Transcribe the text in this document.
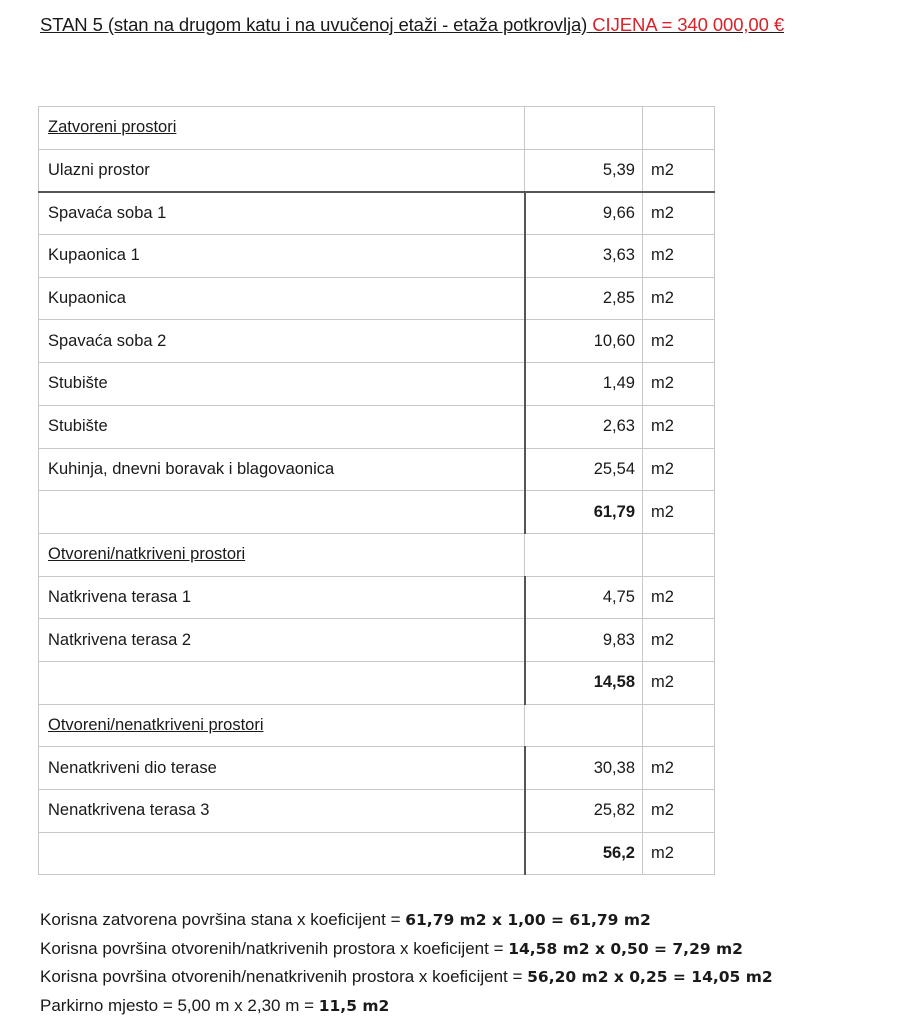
STAN 5 (stan na drugom katu i na uvučenoj etaži - etaža potkrovlja) CIJENA = 340 000,00 €
Zatvoreni prostori		
Ulazni prostor	5,39	m2
Spavaća soba 1	9,66	m2
Kupaonica 1	3,63	m2
Kupaonica	2,85	m2
Spavaća soba 2	10,60	m2
Stubište	1,49	m2
Stubište	2,63	m2
Kuhinja, dnevni boravak i blagovaonica	25,54	m2
	61,79	m2
Otvoreni/natkriveni prostori		
Natkrivena terasa 1	4,75	m2
Natkrivena terasa 2	9,83	m2
	14,58	m2
Otvoreni/nenatkriveni prostori		
Nenatkriveni dio terase	30,38	m2
Nenatkrivena terasa 3	25,82	m2
	56,2	m2
Korisna zatvorena površina stana x koeficijent = 61,79 m2 x 1,00 = 61,79 m2
Korisna površina otvorenih/natkrivenih prostora x koeficijent = 14,58 m2 x 0,50 = 7,29 m2
Korisna površina otvorenih/nenatkrivenih prostora x koeficijent = 56,20 m2 x 0,25 = 14,05 m2
Parkirno mjesto = 5,00 m x 2,30 m = 11,5 m2
